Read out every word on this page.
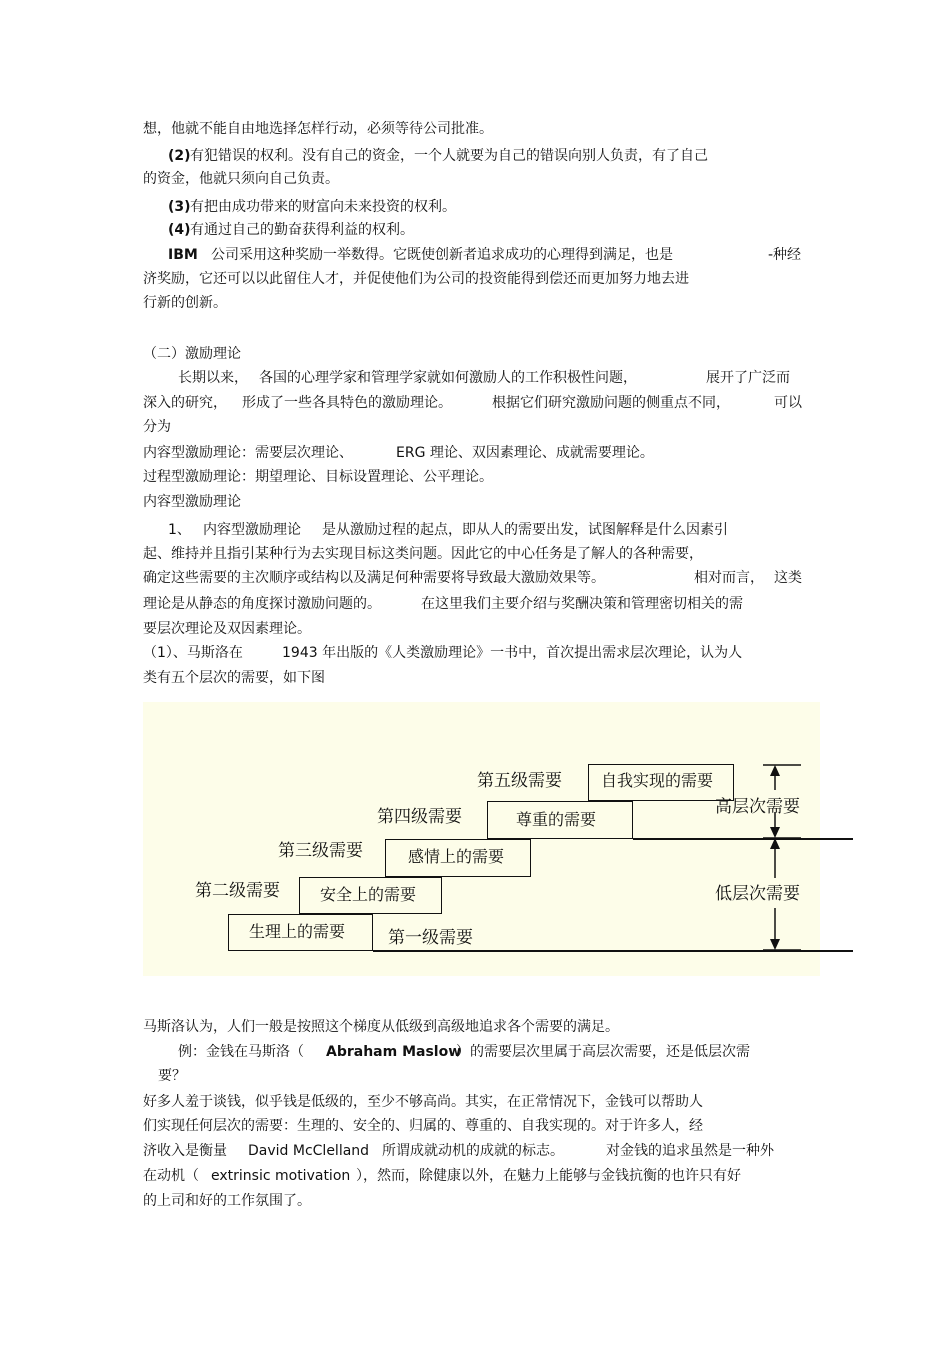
想，他就不能自由地选择怎样行动，必须等待公司批准。
(2) 有犯错误的权利。没有自己的资金，一个人就要为自己的错误向别人负责，有了自己
的资金，他就只须向自己负责。
(3) 有把由成功带来的财富向未来投资的权利。
(4) 有通过自己的勤奋获得利益的权利。
IBM 公司采用这种奖励一举数得。它既使创新者追求成功的心理得到满足，也是	-种经
济奖励，它还可以以此留住人才，并促使他们为公司的投资能得到偿还而更加努力地去进
行新的创新。
（二）激励理论
长期以来， 各国的心理学家和管理学家就如何激励人的工作积极性问题，	展开了广泛而
深入的研究， 形成了一些各具特色的激励理论。	根据它们研究激励问题的侧重点不同，	可以
分为
内容型激励理论：需要层次理论、	ERG 理论、双因素理论、成就需要理论。
过程型激励理论：期望理论、目标设置理论、公平理论。
内容型激励理论
1、 内容型激励理论 是从激励过程的起点，即从人的需要出发，试图解释是什么因素引
起、维持并且指引某种行为去实现目标这类问题。因此它的中心任务是了解人的各种需要，
确定这些需要的主次顺序或结构以及满足何种需要将导致最大激励效果等。	相对而言， 这类
理论是从静态的角度探讨激励问题的。	在这里我们主要介绍与奖酬决策和管理密切相关的需
要层次理论及双因素理论。
（1）、马斯洛在	1943 年出版的《人类激励理论》一书中，首次提出需求层次理论，认为人
类有五个层次的需要，如下图
生理上的需要
安全上的需要
感情上的需要
尊重的需要
自我实现的需要
第一级需要
第二级需要
第三级需要
第四级需要
第五级需要
高层次需要
低层次需要
马斯洛认为，人们一般是按照这个梯度从低级到高级地追求各个需要的满足。
例：金钱在马斯洛（ Abraham Maslow
）的需要层次里属于高层次需要，还是低层次需
要？
好多人羞于谈钱，似乎钱是低级的，至少不够高尚。其实，在正常情况下，金钱可以帮助人
们实现任何层次的需要：生理的、安全的、归属的、尊重的、自我实现的。对于许多人，经
济收入是衡量 David McClelland 所谓成就动机的成就的标志。	对金钱的追求虽然是一种外
在动机（ extrinsic motivation ），然而，除健康以外，在魅力上能够与金钱抗衡的也许只有好
的上司和好的工作氛围了。
